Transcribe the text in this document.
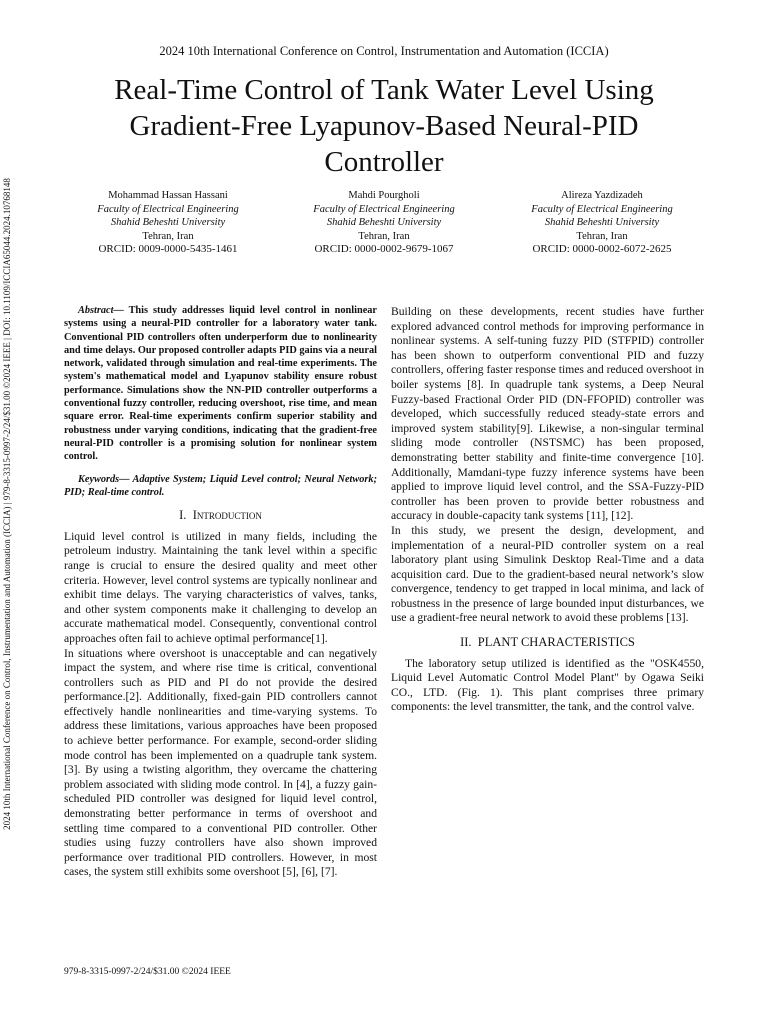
2024 10th International Conference on Control, Instrumentation and Automation (ICCIA)
Real-Time Control of Tank Water Level Using Gradient-Free Lyapunov-Based Neural-PID Controller
Mohammad Hassan Hassani
Faculty of Electrical Engineering
Shahid Beheshti University
Tehran, Iran
ORCID: 0009-0000-5435-1461
Mahdi Pourgholi
Faculty of Electrical Engineering
Shahid Beheshti University
Tehran, Iran
ORCID: 0000-0002-9679-1067
Alireza Yazdizadeh
Faculty of Electrical Engineering
Shahid Beheshti University
Tehran, Iran
ORCID: 0000-0002-6072-2625
2024 10th International Conference on Control, Instrumentation and Automation (ICCIA) | 979-8-3315-0997-2/24/$31.00 ©2024 IEEE | DOI: 10.1109/ICCIA65044.2024.10768148	Abstract— This study addresses liquid level control in nonlinear systems using a neural-PID controller for a laboratory water tank. Conventional PID controllers often underperform due to nonlinearity and time delays. Our proposed controller adapts PID gains via a neural network, validated through simulation and real-time experiments. The system's mathematical model and Lyapunov stability ensure robust performance. Simulations show the NN-PID controller outperforms a conventional fuzzy controller, reducing overshoot, rise time, and mean square error. Real-time experiments confirm superior stability and robustness under varying conditions, indicating that the gradient-free neural-PID controller is a promising solution for nonlinear system control.

Keywords— Adaptive System; Liquid Level control; Neural Network; PID; Real-time control.

I. Introduction

Liquid level control is utilized in many fields, including the petroleum industry. Maintaining the tank level within a specific range is crucial to ensure the desired quality and meet other criteria. However, level control systems are typically nonlinear and exhibit time delays. The varying characteristics of valves, tanks, and other system components make it challenging to develop an accurate mathematical model. Consequently, conventional control approaches often fail to achieve optimal performance[1].

In situations where overshoot is unacceptable and can negatively impact the system, and where rise time is critical, conventional controllers such as PID and PI do not provide the desired performance.[2]. Additionally, fixed-gain PID controllers cannot effectively handle nonlinearities and time-varying systems. To address these limitations, various approaches have been proposed to achieve better performance. For example, second-order sliding mode control has been implemented on a quadruple tank system. [3]. By using a twisting algorithm, they overcame the chattering problem associated with sliding mode control. In [4], a fuzzy gain-scheduled PID controller was designed for liquid level control, demonstrating better performance in terms of overshoot and settling time compared to a conventional PID controller. Other studies using fuzzy controllers have also shown improved performance over traditional PID controllers. However, in most cases, the system still exhibits some overshoot [5], [6], [7].

Building on these developments, recent studies have further explored advanced control methods for improving performance in nonlinear systems. A self-tuning fuzzy PID (STFPID) controller has been shown to outperform conventional PID and fuzzy controllers, offering faster response times and reduced overshoot in boiler systems [8]. In quadruple tank systems, a Deep Neural Fuzzy-based Fractional Order PID (DN-FFOPID) controller was developed, which successfully reduced steady-state errors and improved system stability[9]. Likewise, a non-singular terminal sliding mode controller (NSTSMC) has been proposed, demonstrating better stability and finite-time convergence [10]. Additionally, Mamdani-type fuzzy inference systems have been applied to improve liquid level control, and the SSA-Fuzzy-PID controller has been proven to provide better robustness and accuracy in double-capacity tank systems [11], [12].

In this study, we present the design, development, and implementation of a neural-PID controller system on a real laboratory plant using Simulink Desktop Real-Time and a data acquisition card. Due to the gradient-based neural network’s slow convergence, tendency to get trapped in local minima, and lack of robustness in the presence of large bounded input disturbances, we use a gradient-free neural network to avoid these problems [13].

II. PLANT CHARACTERISTICS

The laboratory setup utilized is identified as the "OSK4550, Liquid Level Automatic Control Model Plant" by Ogawa Seiki CO., LTD. (Fig. 1). This plant comprises three primary components: the level transmitter, the tank, and the control valve.

979-8-3315-0997-2/24/$31.00 ©2024 IEEE
